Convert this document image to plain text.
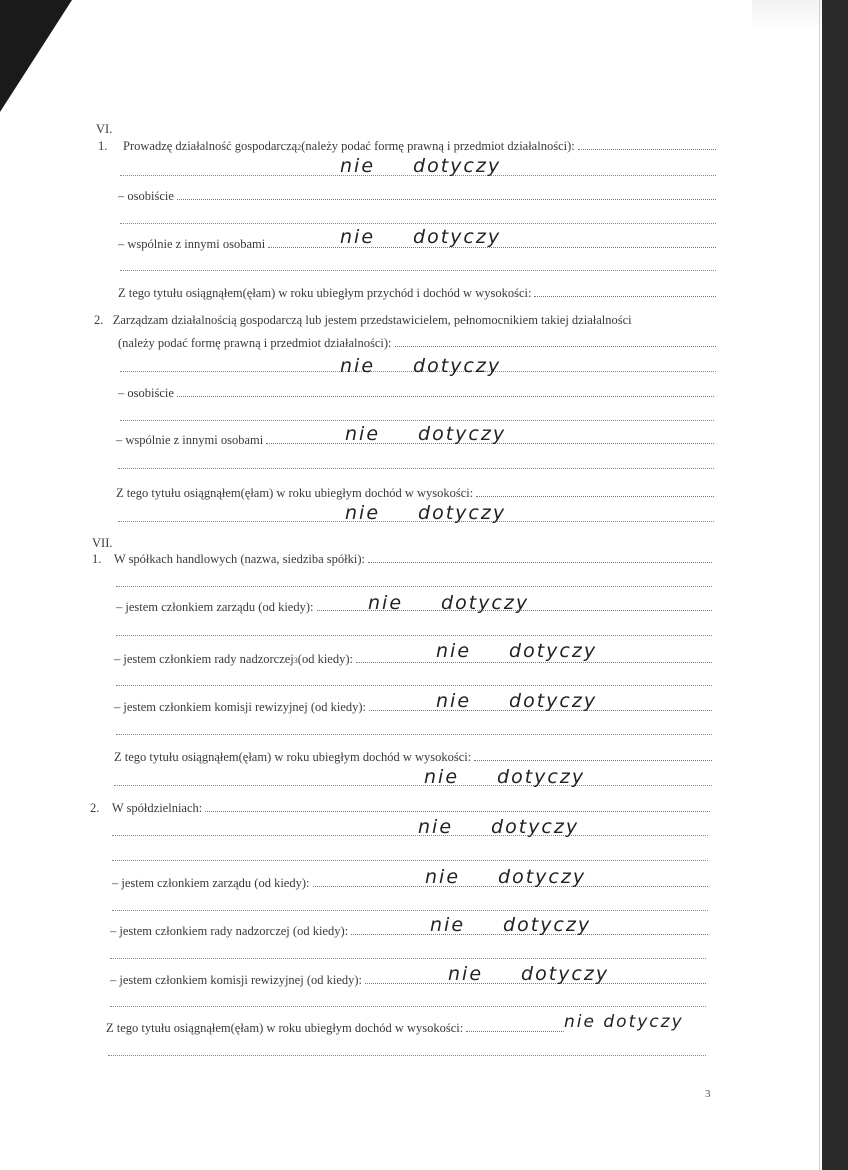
VI.
1.
Prowadzę działalność gospodarczą 2 (należy podać formę prawną i przedmiot działalności):
nie dotyczy
– osobiście
– wspólnie z innymi osobami	nie dotyczy
Z tego tytułu osiągnąłem(ęłam) w roku ubiegłym przychód i dochód w wysokości:
2.
Zarządzam działalnością gospodarczą lub jestem przedstawicielem, pełnomocnikiem takiej działalności
(należy podać formę prawną i przedmiot działalności):
nie dotyczy
– osobiście
– wspólnie z innymi osobami	nie dotyczy
Z tego tytułu osiągnąłem(ęłam) w roku ubiegłym dochód w wysokości:
nie dotyczy
VII.
1.
W spółkach handlowych (nazwa, siedziba spółki):
– jestem członkiem zarządu (od kiedy):	nie dotyczy
– jestem członkiem rady nadzorczej 3 (od kiedy):	nie dotyczy
– jestem członkiem komisji rewizyjnej (od kiedy):	nie dotyczy
Z tego tytułu osiągnąłem(ęłam) w roku ubiegłym dochód w wysokości:
nie dotyczy
2.
W spółdzielniach:
nie dotyczy
– jestem członkiem zarządu (od kiedy):	nie dotyczy
– jestem członkiem rady nadzorczej (od kiedy):	nie dotyczy
– jestem członkiem komisji rewizyjnej (od kiedy):	nie dotyczy
Z tego tytułu osiągnąłem(ęłam) w roku ubiegłym dochód w wysokości:	nie dotyczy
3
